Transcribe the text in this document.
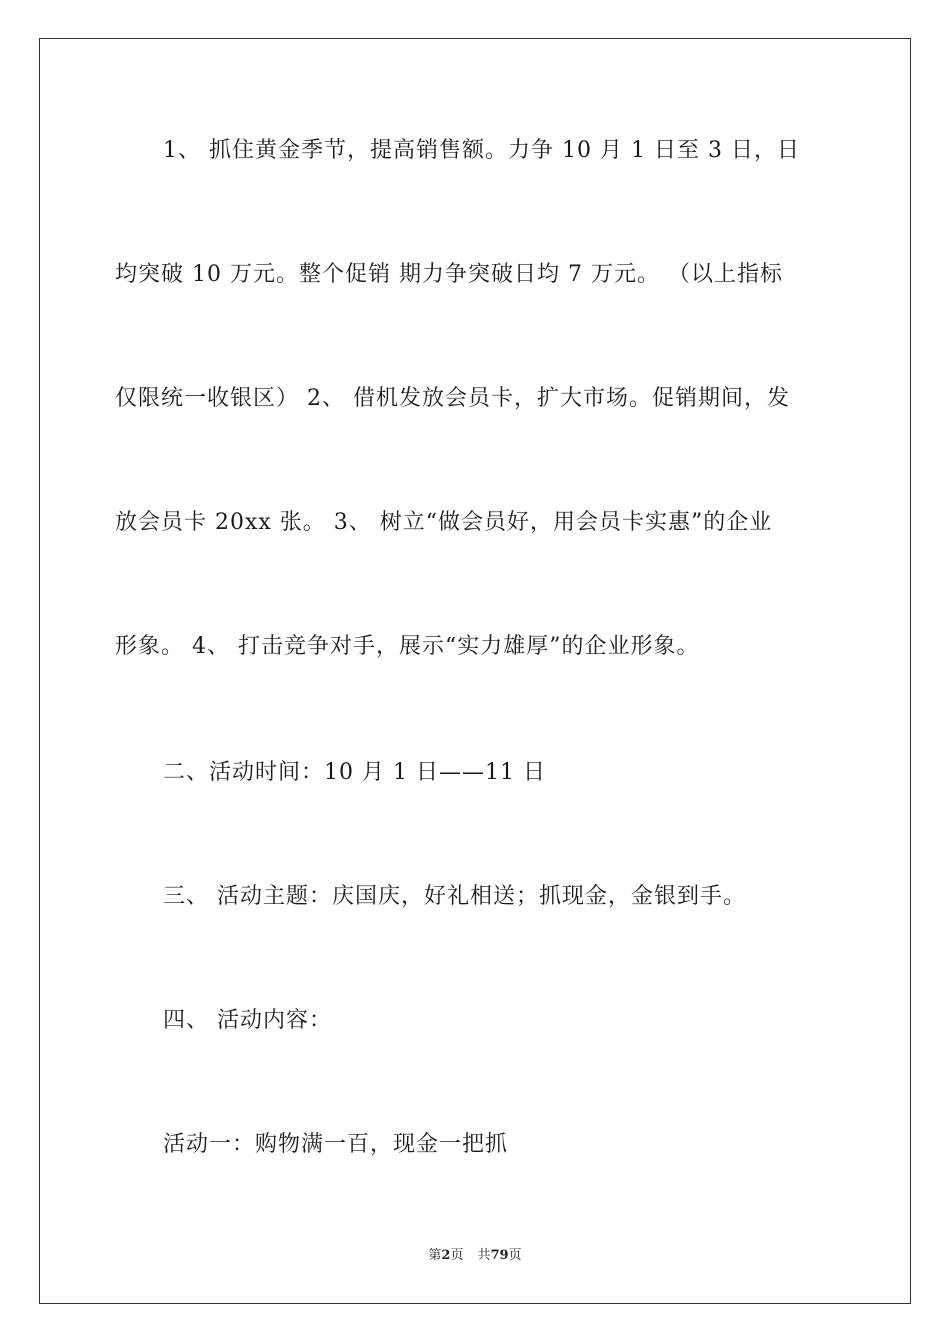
1、 抓住黄金季节，提高销售额。力争 10 月 1 日至 3 日，日
均突破 10 万元。整个促销 期力争突破日均 7 万元。 （以上指标
仅限统一收银区） 2、 借机发放会员卡，扩大市场。促销期间，发
放会员卡 20xx 张。 3、 树立“做会员好，用会员卡实惠”的企业
形象。 4、 打击竞争对手，展示“实力雄厚”的企业形象。
二、活动时间：10 月 1 日——11 日
三、 活动主题：庆国庆，好礼相送；抓现金，金银到手。
四、 活动内容：
活动一：购物满一百，现金一把抓
第2页 共79页
